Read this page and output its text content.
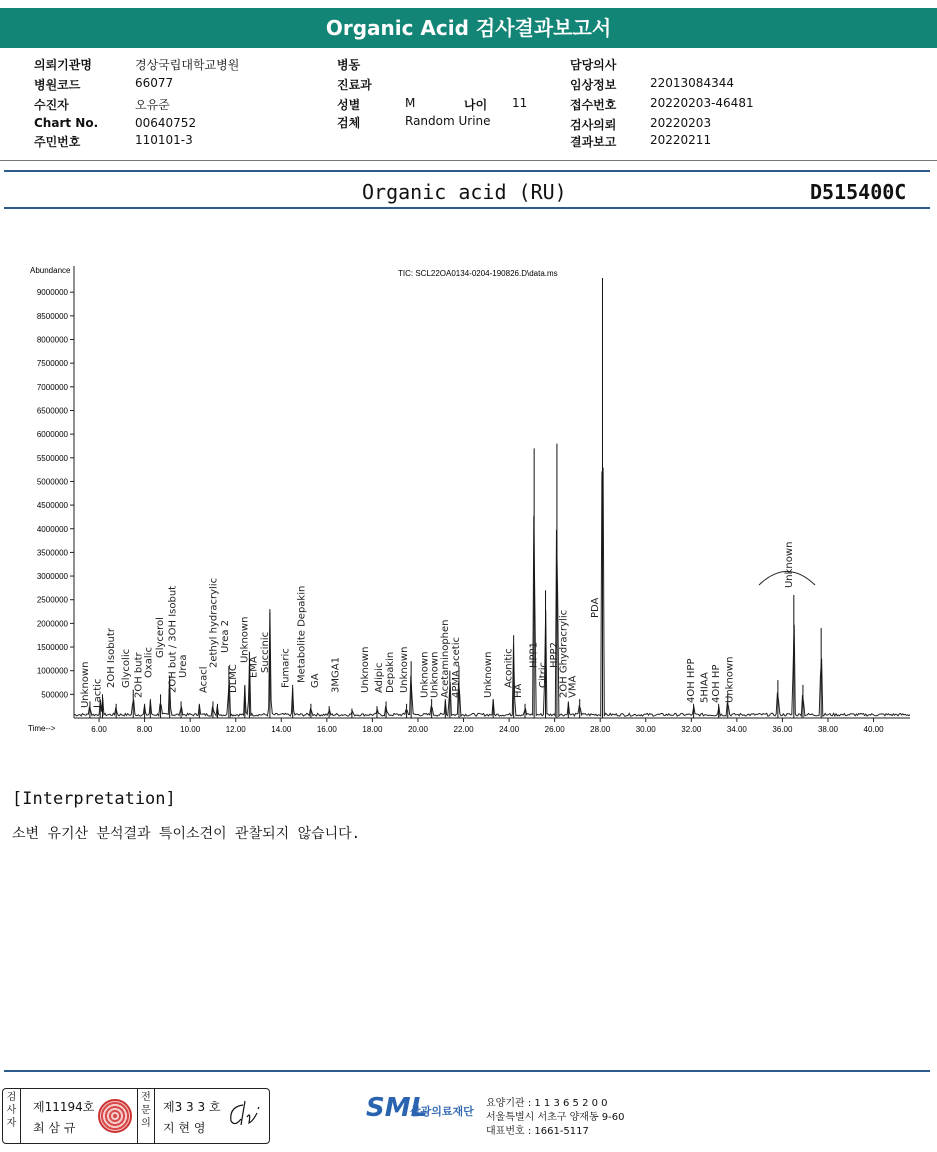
Organic Acid 검사결과보고서
의뢰기관명	경상국립대학교병원
병원코드	66077
수진자	오유준
Chart No.	00640752
주민번호	110101-3
병동
진료과
성별	M	나이 11
검체	Random Urine
담당의사
임상정보	22013084344
접수번호	20220203-46481
검사의뢰	20220203
결과보고	20220211
Organic acid (RU)	D515400C
TIC: SCL22OA0134-0204-190826.D\data.ms
Abundance
Time-->
500000
1000000
1500000
2000000
2500000
3000000
3500000
4000000
4500000
5000000
5500000
6000000
6500000
7000000
7500000
8000000
8500000
9000000
6.00	8.00	10.00	12.00	14.00	16.00	18.00	20.00	22.00	24.00	26.00	28.00	30.00	32.00	34.00	36.00	38.00	40.00
Unknown Lactic
2OH Isobutr Glycolic 2OH butr Oxalic
Glycerol 2OH but / 3OH Isobut Urea
Acacl
2ethyl hydracrylic Urea 2
DLMC
Unknown
EMA Succinic Fumaric Metabolite Depakin GA 3MGA1 Unknown Adipic Depakin Unknown Unknown Unknown Acetaminophen 4PMA acetic Unknown Aconitic
HA
HPP1
Citric
HPP2
2OH Ghydracrylic
VMA
PDA
4OH HPP 5HIAA 4OH HP Unknown
Unknown
[Interpretation]
소변 유기산 분석결과 특이소견이 관찰되지 않습니다.
검사자
제11194호
최 삼 규
전문의
제3 3 3 호
지 현 영
SML
삼광의료재단
요양기관 : 1 1 3 6 5 2 0 0
서울특별시 서초구 양재동 9-60
대표번호 : 1661-5117
